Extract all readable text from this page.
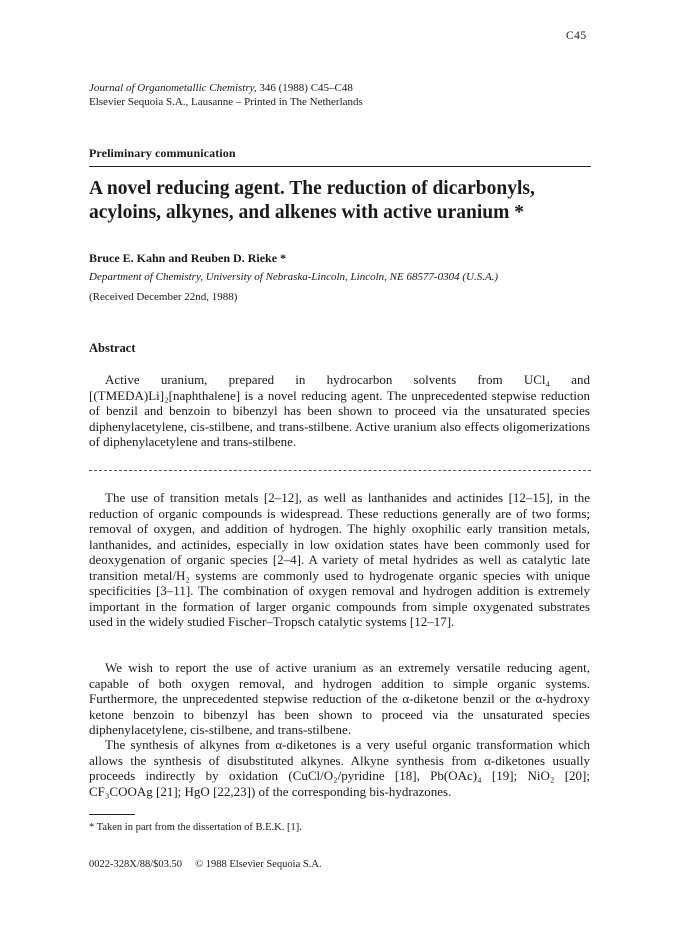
C45
Journal of Organometallic Chemistry, 346 (1988) C45–C48
Elsevier Sequoia S.A., Lausanne – Printed in The Netherlands
Preliminary communication
A novel reducing agent. The reduction of dicarbonyls, acyloins, alkynes, and alkenes with active uranium *
Bruce E. Kahn and Reuben D. Rieke *
Department of Chemistry, University of Nebraska-Lincoln, Lincoln, NE 68577-0304 (U.S.A.)
(Received December 22nd, 1988)
Abstract

Active uranium, prepared in hydrocarbon solvents from UCl₄ and [(TMEDA)Li]₂[naphthalene] is a novel reducing agent. The unprecedented stepwise reduction of benzil and benzoin to bibenzyl has been shown to proceed via the unsaturated species diphenylacetylene, cis-stilbene, and trans-stilbene. Active uranium also effects oligomerizations of diphenylacetylene and trans-stilbene.

The use of transition metals [2–12], as well as lanthanides and actinides [12–15], in the reduction of organic compounds is widespread. These reductions generally are of two forms; removal of oxygen, and addition of hydrogen. The highly oxophilic early transition metals, lanthanides, and actinides, especially in low oxidation states have been commonly used for deoxygenation of organic species [2–4]. A variety of metal hydrides as well as catalytic late transition metal/H₂ systems are commonly used to hydrogenate organic species with unique specificities [3–11]. The combination of oxygen removal and hydrogen addition is extremely important in the formation of larger organic compounds from simple oxygenated substrates used in the widely studied Fischer–Tropsch catalytic systems [12–17].

We wish to report the use of active uranium as an extremely versatile reducing agent, capable of both oxygen removal, and hydrogen addition to simple organic systems. Furthermore, the unprecedented stepwise reduction of the α-diketone benzil or the α-hydroxy ketone benzoin to bibenzyl has been shown to proceed via the unsaturated species diphenylacetylene, cis-stilbene, and trans-stilbene.

The synthesis of alkynes from α-diketones is a very useful organic transformation which allows the synthesis of disubstituted alkynes. Alkyne synthesis from α-diketones usually proceeds indirectly by oxidation (CuCl/O₂/pyridine [18], Pb(OAc)₄ [19]; NiO₂ [20]; CF₃COOAg [21]; HgO [22,23]) of the corresponding bis-hydrazones.

* Taken in part from the dissertation of B.E.K. [1].
0022-328X/88/$03.50     © 1988 Elsevier Sequoia S.A.
